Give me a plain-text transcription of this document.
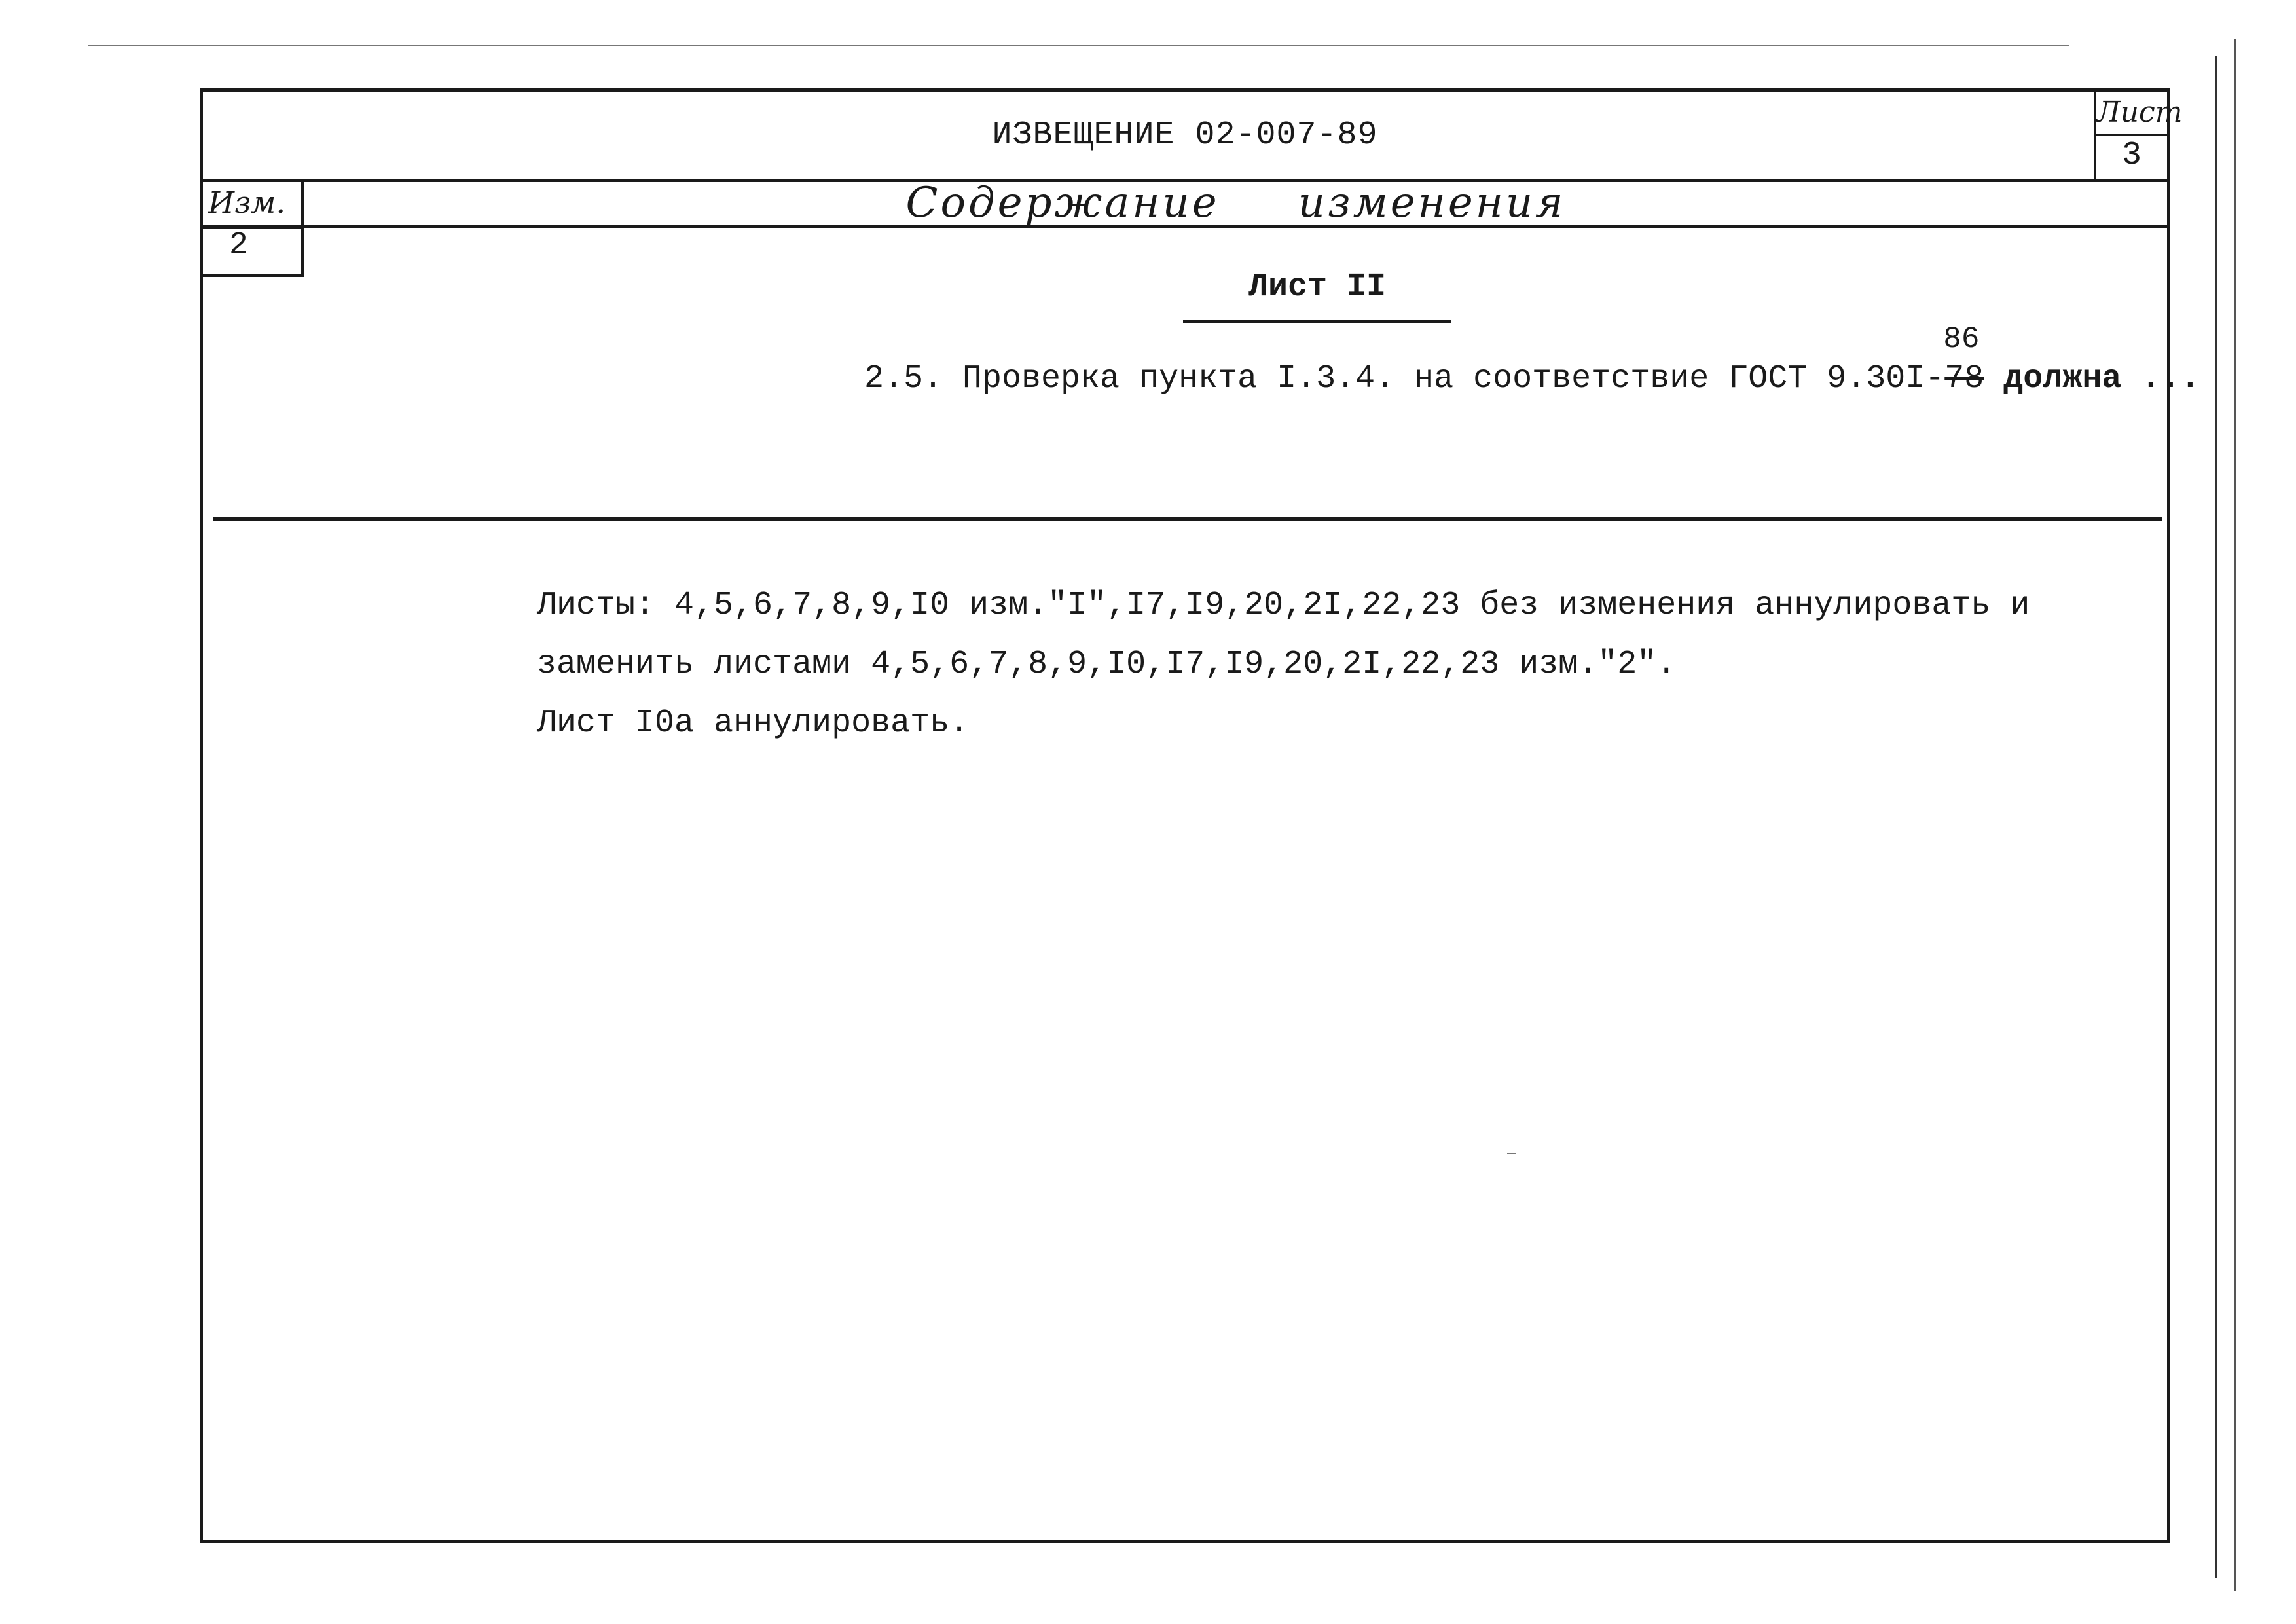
ИЗВЕЩЕНИЕ 02-007-89
Лист
3
Изм.
2
Содержание изменения
Лист II
2.5. Проверка пункта I.3.4. на соответствие ГОСТ 9.30I-78
86
должна ...
Листы: 4,5,6,7,8,9,I0 изм."I",I7,I9,20,2I,22,23 без изменения аннулировать и
заменить листами 4,5,6,7,8,9,I0,I7,I9,20,2I,22,23 изм."2".
Лист I0а аннулировать.
